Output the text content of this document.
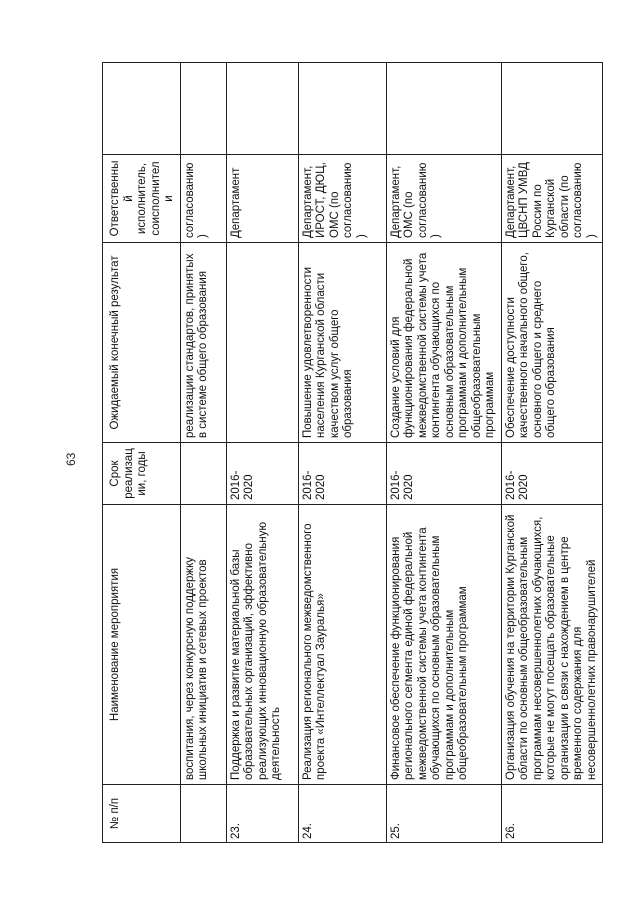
63
№ п/п	Наименование мероприятия	Срок реализации, годы	Ожидаемый конечный результат	Ответственный исполнитель, соисполнители	
	воспитания, через конкурсную поддержку школьных инициатив и сетевых проектов		реализации стандартов, принятых в системе общего образования	согласованию)	
23.	Поддержка и развитие материальной базы образовательных организаций, эффективно реализующих инновационную образовательную деятельность	2016-2020		Департамент	
24.	Реализация регионального межведомственного проекта «Интеллектуал Зауралья»	2016-2020	Повышение удовлетворенности населения Курганской области качеством услуг общего образования	Департамент, ИРОСТ, ДЮЦ, ОМС (по согласованию)	
25.	Финансовое обеспечение функционирования регионального сегмента единой федеральной межведомственной системы учета контингента обучающихся по основным образовательным программам и дополнительным общеобразовательным программам	2016-2020	Создание условий для функционирования федеральной межведомственной системы учета контингента обучающихся по основным образовательным программам и дополнительным общеобразовательным программам	Департамент, ОМС (по согласованию)	
26.	Организация обучения на территории Курганской области по основным общеобразовательным программам несовершеннолетних обучающихся, которые не могут посещать образовательные организации в связи с нахождением в центре временного содержания для несовершеннолетних правонарушителей	2016-2020	Обеспечение доступности качественного начального общего, основного общего и среднего общего образования	Департамент, ЦВСНП УМВД России по Курганской области (по согласованию)	
